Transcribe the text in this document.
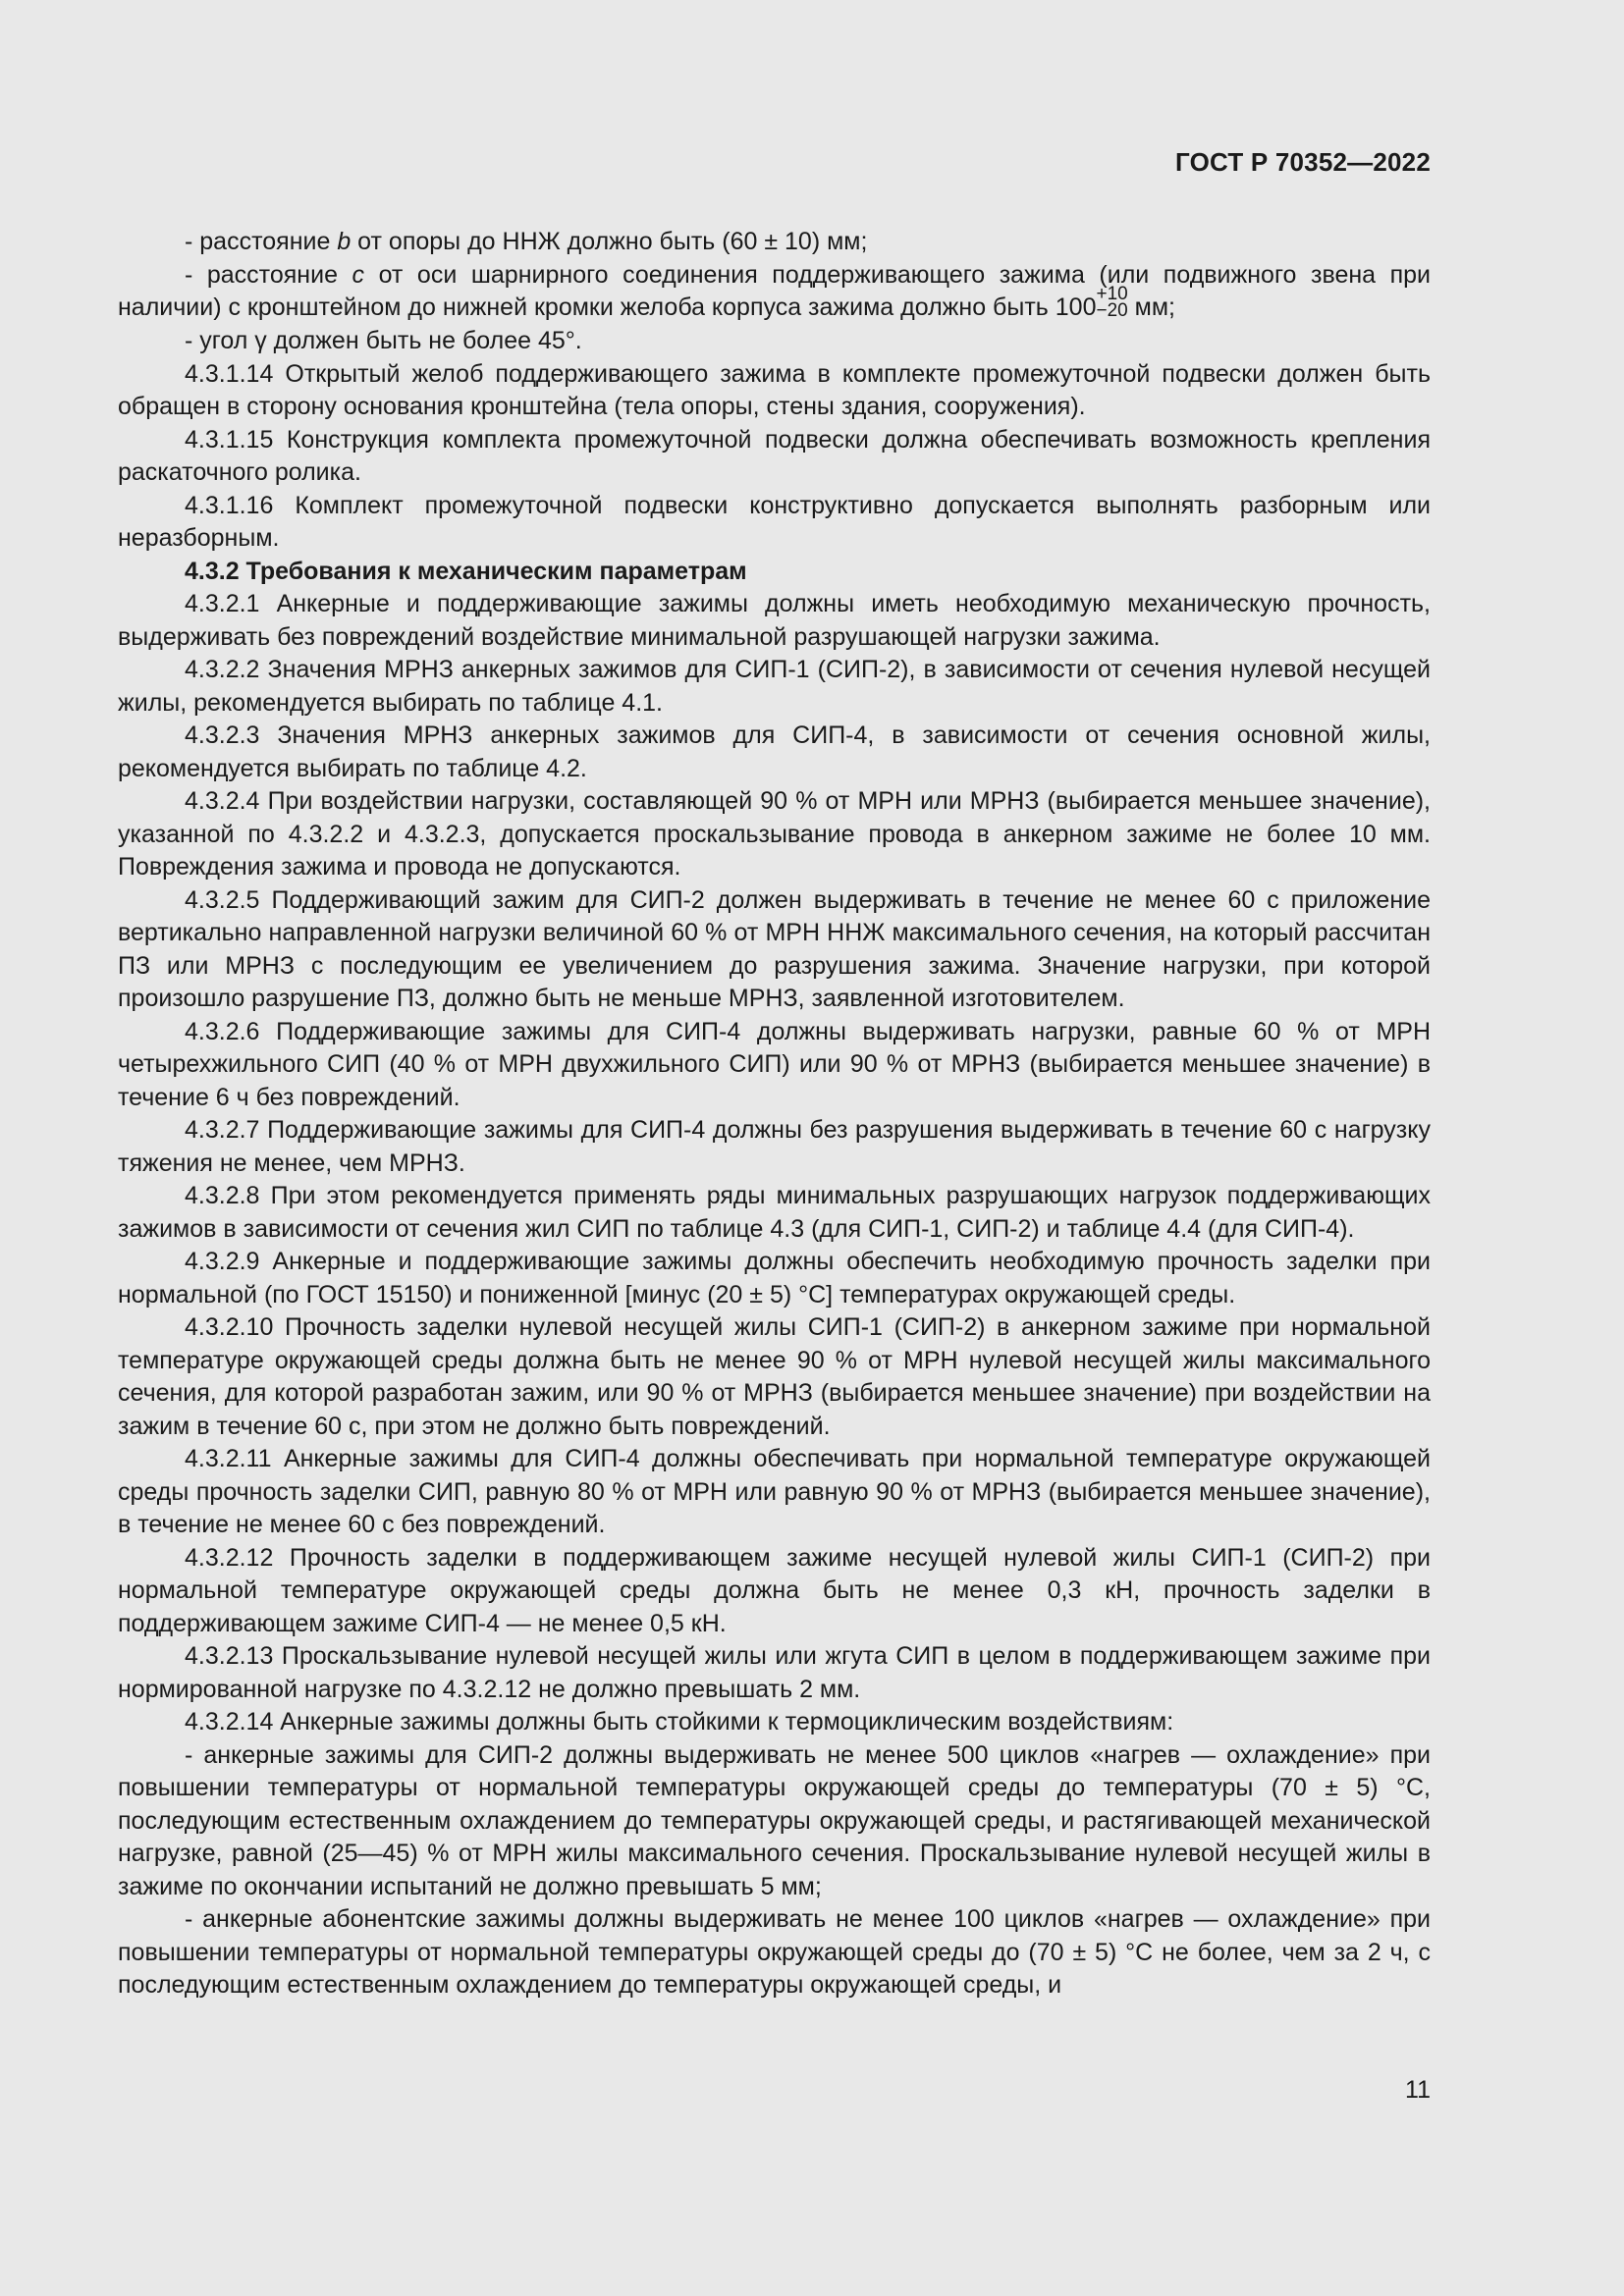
ГОСТ Р 70352—2022

- расстояние b от опоры до ННЖ должно быть (60 ± 10) мм;

- расстояние c от оси шарнирного соединения поддерживающего зажима (или подвижного звена при наличии) с кронштейном до нижней кромки желоба корпуса зажима должно быть 100 +10
−20 мм;

- угол γ должен быть не более 45°.

4.3.1.14 Открытый желоб поддерживающего зажима в комплекте промежуточной подвески должен быть обращен в сторону основания кронштейна (тела опоры, стены здания, сооружения).

4.3.1.15 Конструкция комплекта промежуточной подвески должна обеспечивать возможность крепления раскаточного ролика.

4.3.1.16 Комплект промежуточной подвески конструктивно допускается выполнять разборным или неразборным.

4.3.2 Требования к механическим параметрам

4.3.2.1 Анкерные и поддерживающие зажимы должны иметь необходимую механическую прочность, выдерживать без повреждений воздействие минимальной разрушающей нагрузки зажима.

4.3.2.2 Значения МРНЗ анкерных зажимов для СИП-1 (СИП-2), в зависимости от сечения нулевой несущей жилы, рекомендуется выбирать по таблице 4.1.

4.3.2.3 Значения МРНЗ анкерных зажимов для СИП-4, в зависимости от сечения основной жилы, рекомендуется выбирать по таблице 4.2.

4.3.2.4 При воздействии нагрузки, составляющей 90 % от МРН или МРНЗ (выбирается меньшее значение), указанной по 4.3.2.2 и 4.3.2.3, допускается проскальзывание провода в анкерном зажиме не более 10 мм. Повреждения зажима и провода не допускаются.

4.3.2.5 Поддерживающий зажим для СИП-2 должен выдерживать в течение не менее 60 с приложение вертикально направленной нагрузки величиной 60 % от МРН ННЖ максимального сечения, на который рассчитан ПЗ или МРНЗ с последующим ее увеличением до разрушения зажима. Значение нагрузки, при которой произошло разрушение ПЗ, должно быть не меньше МРНЗ, заявленной изготовителем.

4.3.2.6 Поддерживающие зажимы для СИП-4 должны выдерживать нагрузки, равные 60 % от МРН четырехжильного СИП (40 % от МРН двухжильного СИП) или 90 % от МРНЗ (выбирается меньшее значение) в течение 6 ч без повреждений.

4.3.2.7 Поддерживающие зажимы для СИП-4 должны без разрушения выдерживать в течение 60 с нагрузку тяжения не менее, чем МРНЗ.

4.3.2.8 При этом рекомендуется применять ряды минимальных разрушающих нагрузок поддерживающих зажимов в зависимости от сечения жил СИП по таблице 4.3 (для СИП-1, СИП-2) и таблице 4.4 (для СИП-4).

4.3.2.9 Анкерные и поддерживающие зажимы должны обеспечить необходимую прочность заделки при нормальной (по ГОСТ 15150) и пониженной [минус (20 ± 5) °С] температурах окружающей среды.

4.3.2.10 Прочность заделки нулевой несущей жилы СИП-1 (СИП-2) в анкерном зажиме при нормальной температуре окружающей среды должна быть не менее 90 % от МРН нулевой несущей жилы максимального сечения, для которой разработан зажим, или 90 % от МРНЗ (выбирается меньшее значение) при воздействии на зажим в течение 60 с, при этом не должно быть повреждений.

4.3.2.11 Анкерные зажимы для СИП-4 должны обеспечивать при нормальной температуре окружающей среды прочность заделки СИП, равную 80 % от МРН или равную 90 % от МРНЗ (выбирается меньшее значение), в течение не менее 60 с без повреждений.

4.3.2.12 Прочность заделки в поддерживающем зажиме несущей нулевой жилы СИП-1 (СИП-2) при нормальной температуре окружающей среды должна быть не менее 0,3 кН, прочность заделки в поддерживающем зажиме СИП-4 — не менее 0,5 кН.

4.3.2.13 Проскальзывание нулевой несущей жилы или жгута СИП в целом в поддерживающем зажиме при нормированной нагрузке по 4.3.2.12 не должно превышать 2 мм.

4.3.2.14 Анкерные зажимы должны быть стойкими к термоциклическим воздействиям:

- анкерные зажимы для СИП-2 должны выдерживать не менее 500 циклов «нагрев — охлаждение» при повышении температуры от нормальной температуры окружающей среды до температуры (70 ± 5) °С, последующим естественным охлаждением до температуры окружающей среды, и растягивающей механической нагрузке, равной (25—45) % от МРН жилы максимального сечения. Проскальзывание нулевой несущей жилы в зажиме по окончании испытаний не должно превышать 5 мм;

- анкерные абонентские зажимы должны выдерживать не менее 100 циклов «нагрев — охлаждение» при повышении температуры от нормальной температуры окружающей среды до (70 ± 5) °С не более, чем за 2 ч, с последующим естественным охлаждением до температуры окружающей среды, и

11
